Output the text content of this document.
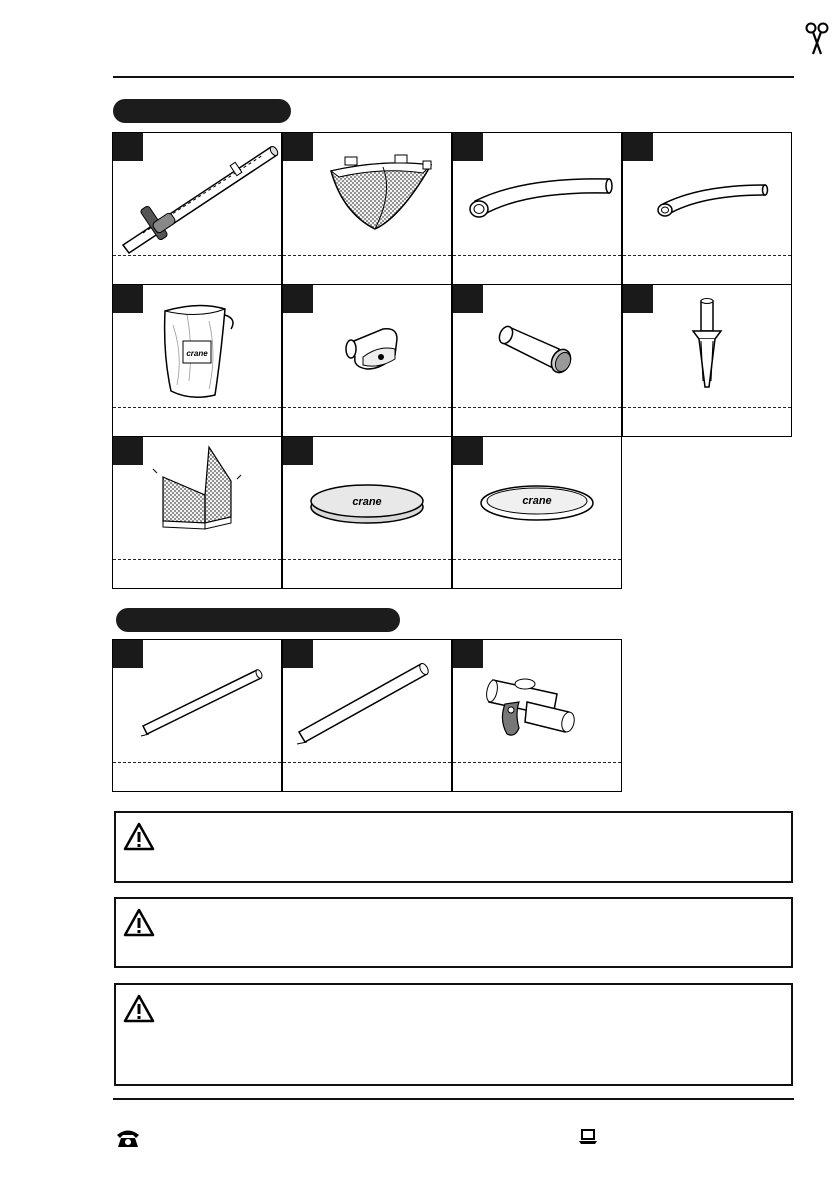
crane
crane	crane
